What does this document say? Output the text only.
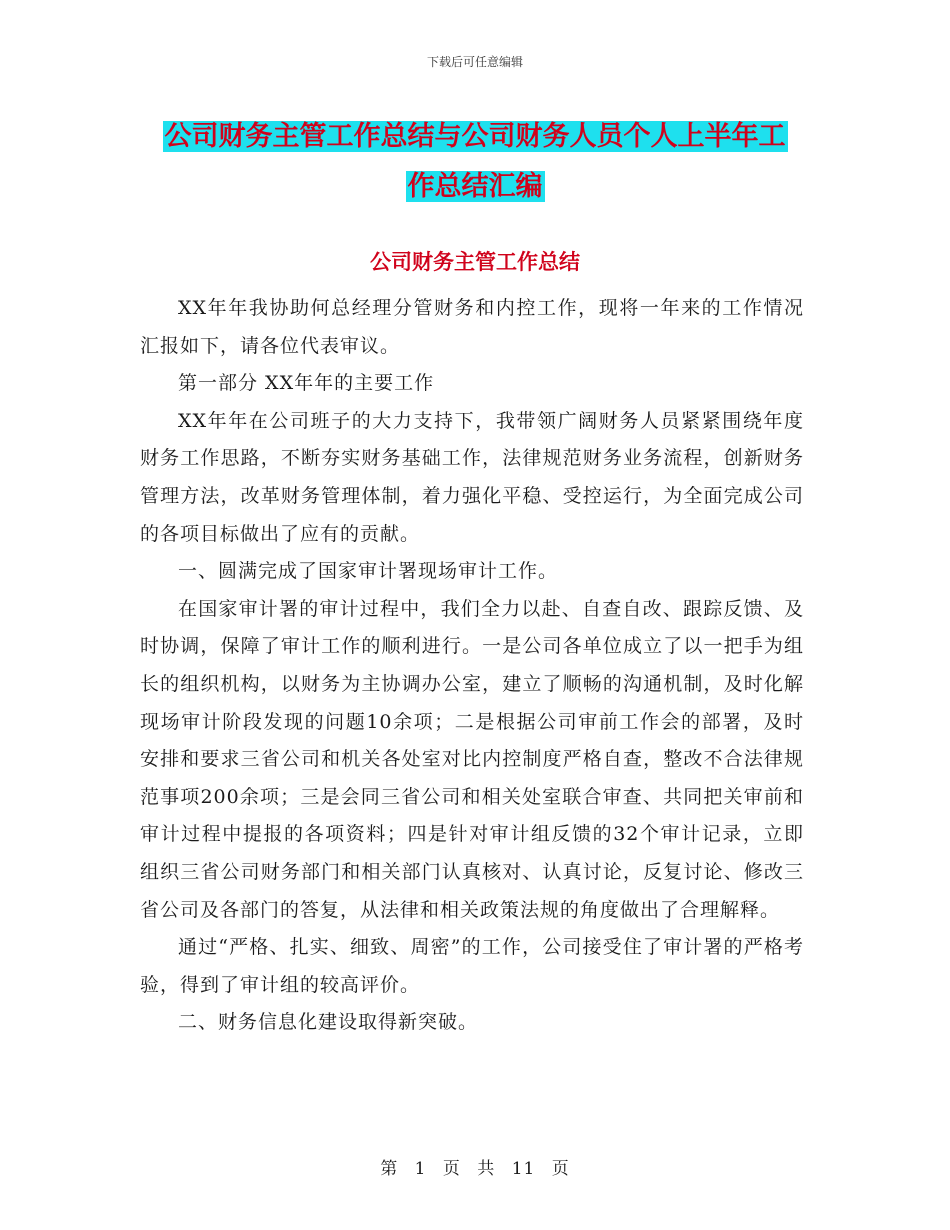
下载后可任意编辑
公司财务主管工作总结与公司财务人员个人上半年工
作总结汇编
公司财务主管工作总结

XX年年我协助何总经理分管财务和内控工作，现将一年来的工作情况汇报如下，请各位代表审议。

第一部分 XX年年的主要工作

XX年年在公司班子的大力支持下，我带领广阔财务人员紧紧围绕年度财务工作思路，不断夯实财务基础工作，法律规范财务业务流程，创新财务管理方法，改革财务管理体制，着力强化平稳、受控运行，为全面完成公司的各项目标做出了应有的贡献。

一、圆满完成了国家审计署现场审计工作。

在国家审计署的审计过程中，我们全力以赴、自查自改、跟踪反馈、及时协调，保障了审计工作的顺利进行。一是公司各单位成立了以一把手为组长的组织机构，以财务为主协调办公室，建立了顺畅的沟通机制，及时化解现场审计阶段发现的问题10余项；二是根据公司审前工作会的部署，及时安排和要求三省公司和机关各处室对比内控制度严格自查，整改不合法律规范事项200余项；三是会同三省公司和相关处室联合审查、共同把关审前和审计过程中提报的各项资料；四是针对审计组反馈的32个审计记录，立即组织三省公司财务部门和相关部门认真核对、认真讨论，反复讨论、修改三省公司及各部门的答复，从法律和相关政策法规的角度做出了合理解释。

通过“严格、扎实、细致、周密”的工作，公司接受住了审计署的严格考验，得到了审计组的较高评价。

二、财务信息化建设取得新突破。

第 1 页 共 11 页
